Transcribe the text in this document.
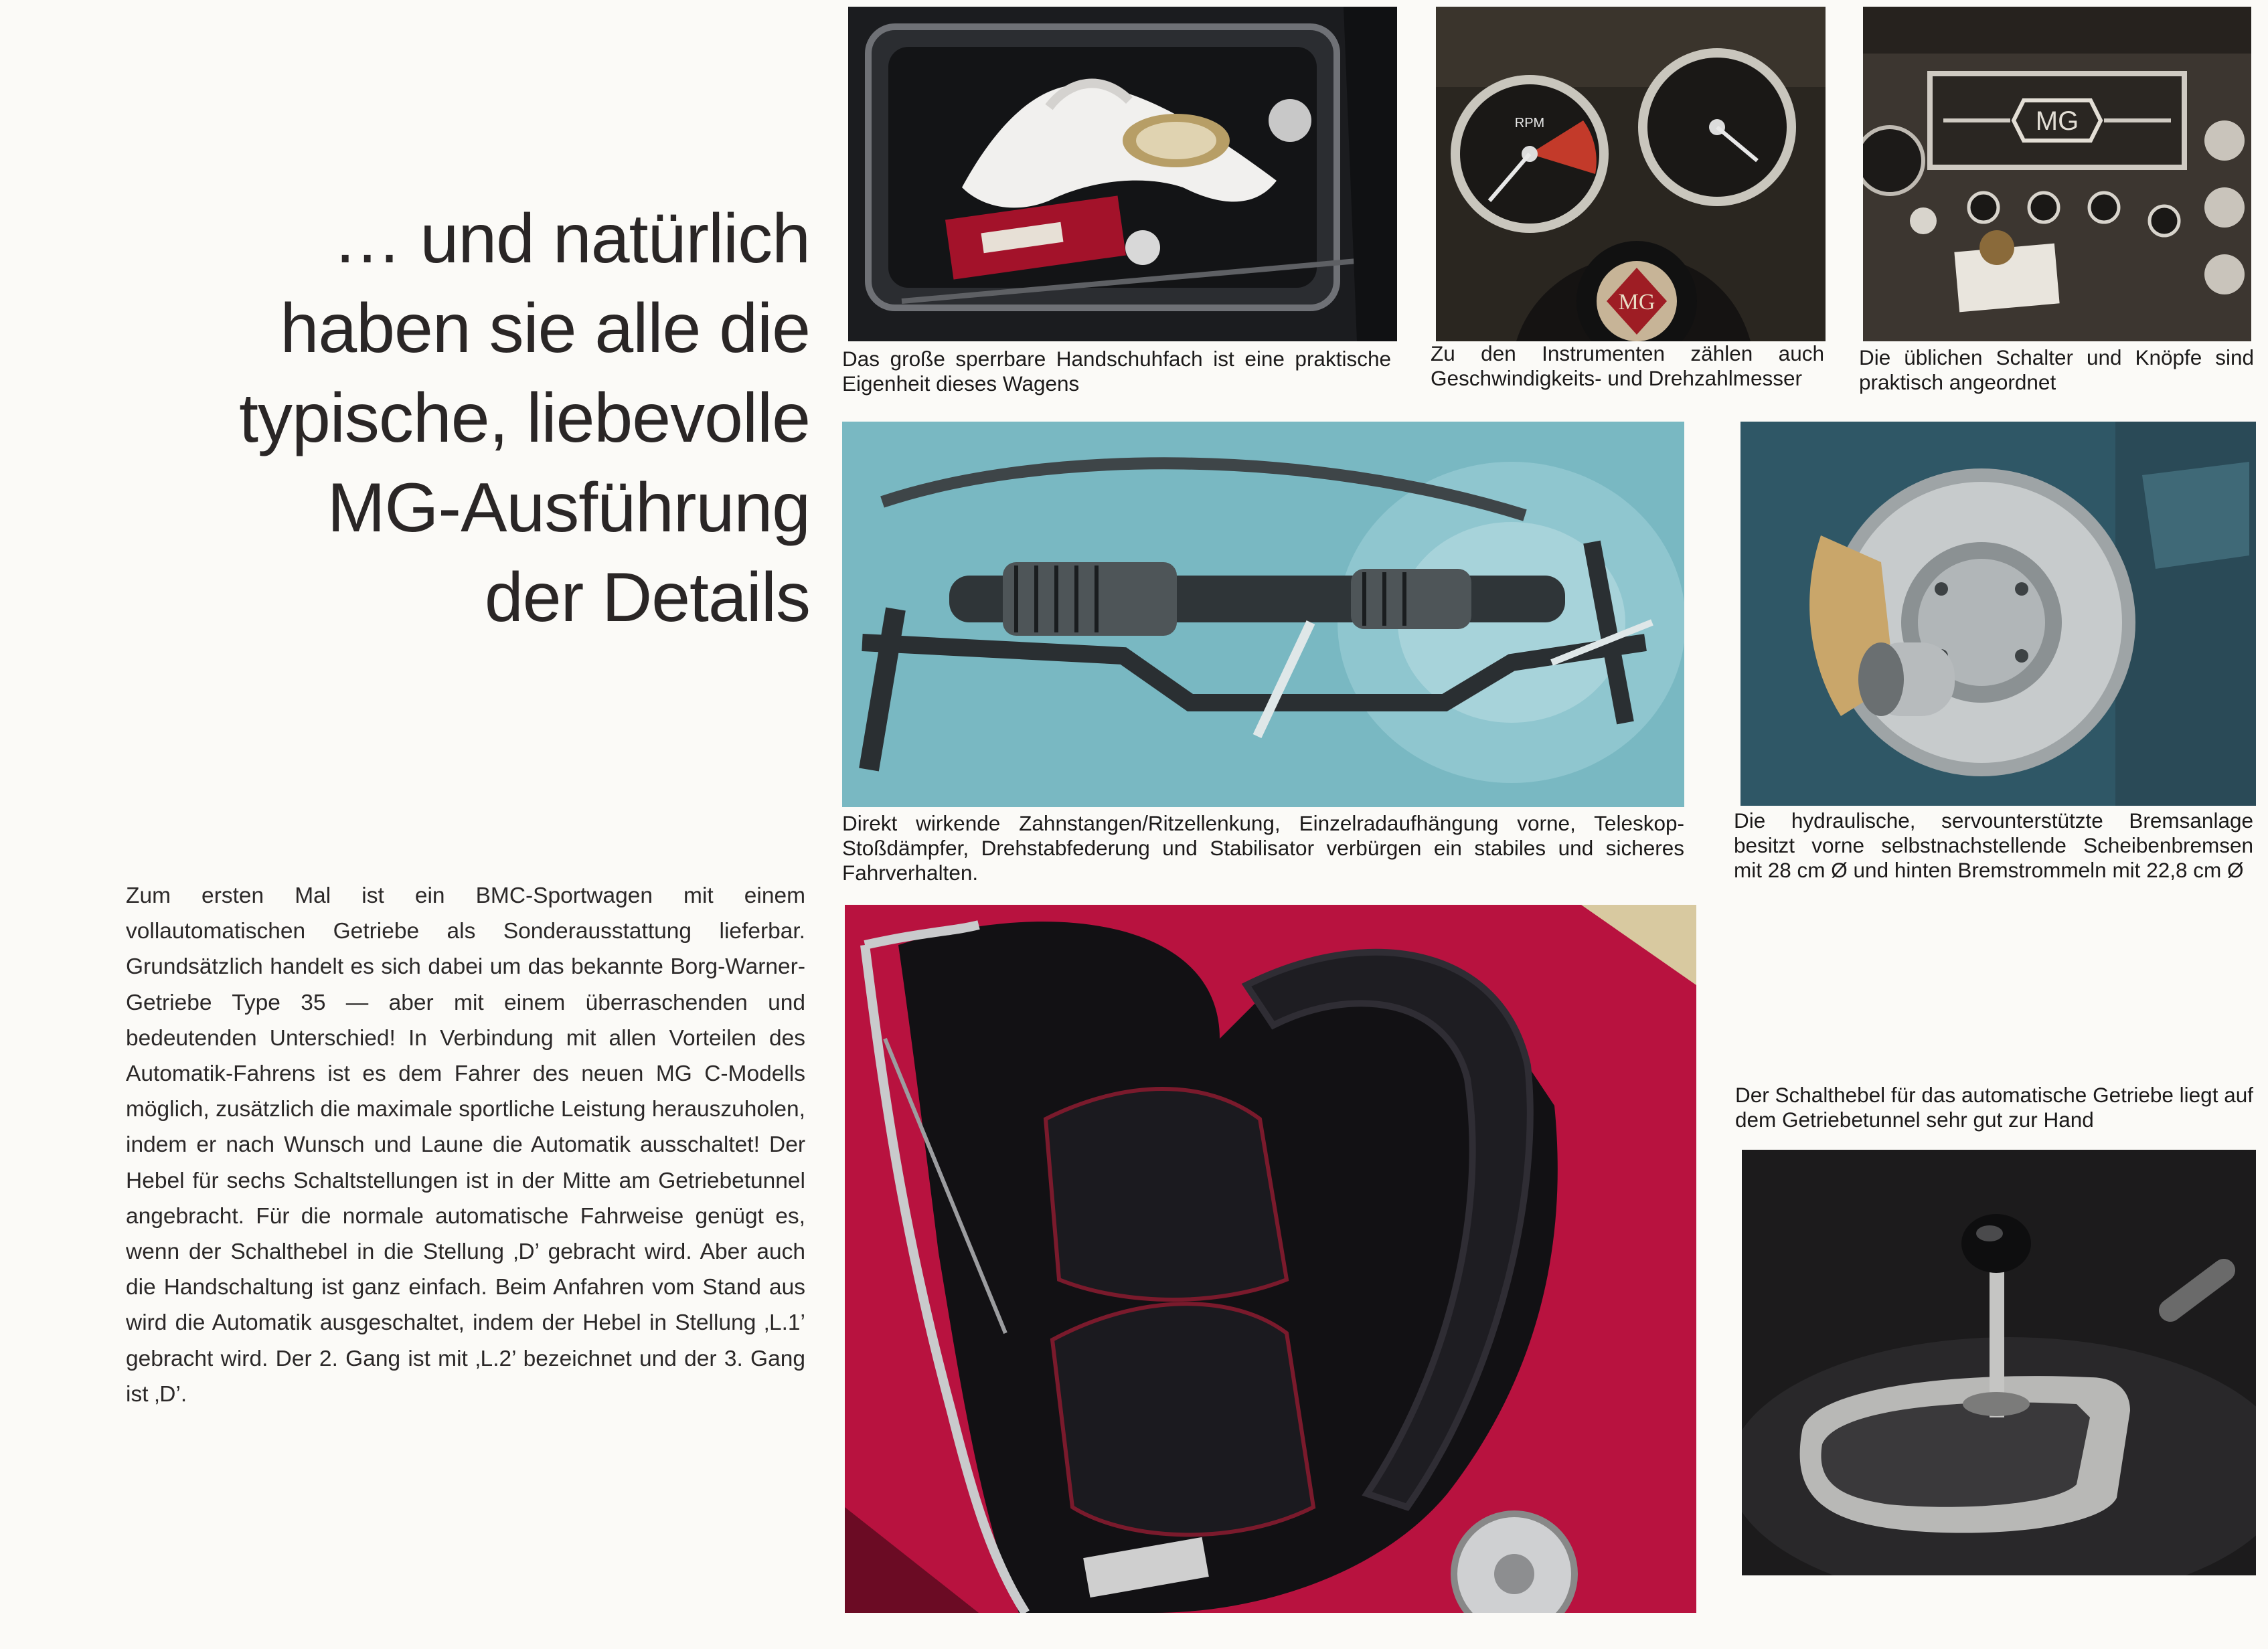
… und natürlich
haben sie alle die
typische, liebevolle
MG-Ausführung
der Details
Zum ersten Mal ist ein BMC-Sportwagen mit einem vollautomatischen Getriebe als Sonderausstattung lieferbar. Grundsätzlich handelt es sich dabei um das bekannte Borg-Warner-Getriebe Type 35 — aber mit einem überraschenden und bedeutenden Unterschied! In Verbindung mit allen Vorteilen des Automatik-Fahrens ist es dem Fahrer des neuen MG C-Modells möglich, zusätzlich die maximale sportliche Leistung herauszuholen, indem er nach Wunsch und Laune die Automatik ausschaltet! Der Hebel für sechs Schaltstellungen ist in der Mitte am Getriebetunnel angebracht. Für die normale automatische Fahrweise genügt es, wenn der Schalthebel in die Stellung ‚D’ gebracht wird. Aber auch die Handschaltung ist ganz einfach. Beim Anfahren vom Stand aus wird die Automatik ausgeschaltet, indem der Hebel in Stellung ‚L.1’ gebracht wird. Der 2. Gang ist mit ‚L.2’ bezeichnet und der 3. Gang ist ‚D’.
Das große sperrbare Handschuhfach ist eine praktische Eigenheit dieses Wagens
RPM
MG
Zu den Instrumenten zählen auch Geschwindigkeits- und Drehzahlmesser
MG
Die üblichen Schalter und Knöpfe sind praktisch angeordnet
Direkt wirkende Zahnstangen/Ritzellenkung, Einzelradaufhängung vorne, Teleskop-Stoßdämpfer, Drehstabfederung und Stabilisator verbürgen ein stabiles und sicheres Fahrverhalten.
Die hydraulische, servounterstützte Bremsanlage besitzt vorne selbstnachstellende Scheibenbremsen mit 28 cm Ø und hinten Bremstrommeln mit 22,8 cm Ø
Der Schalthebel für das automatische Getriebe liegt auf dem Getriebetunnel sehr gut zur Hand
